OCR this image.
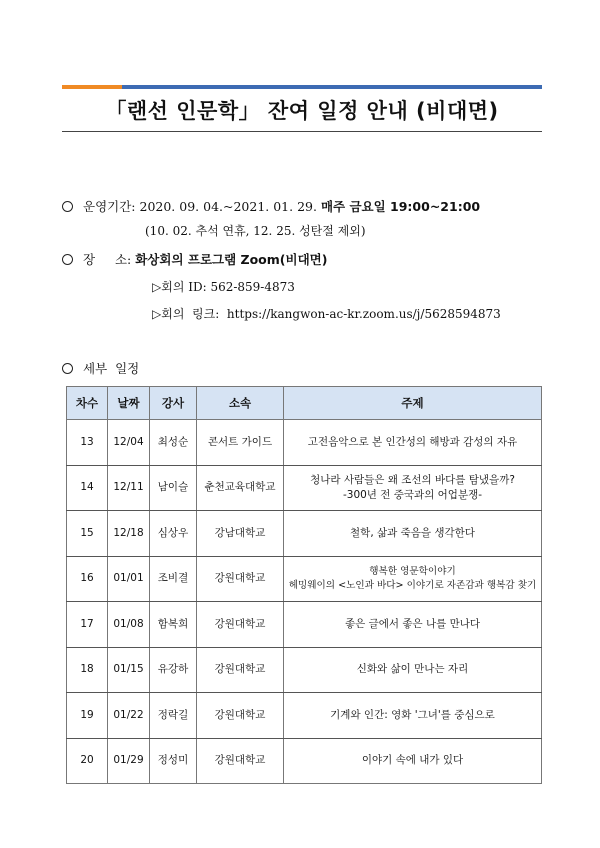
「랜선 인문학」 잔여 일정 안내 (비대면)
운영기간: 2020. 09. 04.~2021. 01. 29. 매주 금요일 19:00~21:00
(10. 02. 추석 연휴, 12. 25. 성탄절 제외)
장     소: 화상회의 프로그램 Zoom(비대면)
▷회의 ID: 562-859-4873
▷회의  링크:  https://kangwon-ac-kr.zoom.us/j/5628594873
세부  일정
차수	날짜	강사	소속	주제
13	12/04	최성순	콘서트 가이드	고전음악으로 본 인간성의 해방과 감성의 자유

14	12/11	남이슬	춘천교육대학교	청나라 사람들은 왜 조선의 바다를 탐냈을까?
-300년 전 중국과의 어업분쟁-

15	12/18	심상우	강남대학교	철학, 삶과 죽음을 생각한다

16	01/01	조비결	강원대학교	행복한 영문학이야기
헤밍웨이의 <노인과 바다> 이야기로 자존감과 행복감 찾기

17	01/08	함복희	강원대학교	좋은 글에서 좋은 나를 만나다

18	01/15	유강하	강원대학교	신화와 삶이 만나는 자리

19	01/22	정락길	강원대학교	기계와 인간: 영화 '그녀'를 중심으로

20	01/29	정성미	강원대학교	이야기 속에 내가 있다
